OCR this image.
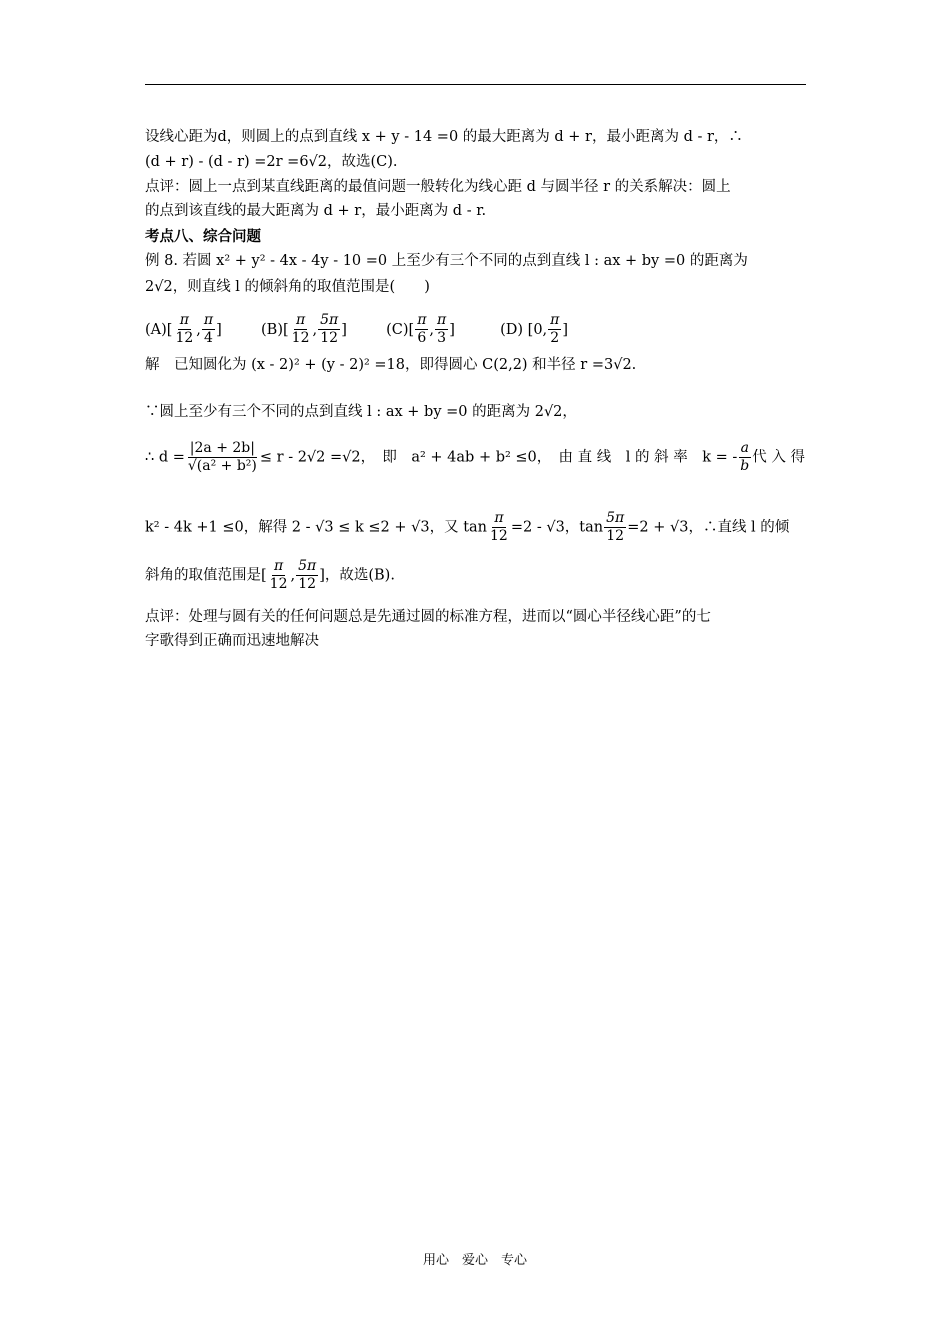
设线心距为d，则圆上的点到直线 x + y - 14 =0 的最大距离为 d + r，最小距离为 d - r，∴
(d + r) - (d - r) =2r =6√2，故选(C).
点评：圆上一点到某直线距离的最值问题一般转化为线心距 d 与圆半径 r 的关系解决：圆上
的点到该直线的最大距离为 d + r，最小距离为 d - r.
考点八、综合问题
例 8. 若圆 x² + y² - 4x - 4y - 10 =0 上至少有三个不同的点到直线 l : ax + by =0 的距离为
2√2，则直线 l 的倾斜角的取值范围是(　　)
$(A)[ \frac{\pi}{12}$ , $\frac{\pi}{4}$ ]	$(B)[ \frac{\pi}{12}$ , $\frac{5\pi}{12}$ ]	$(C)[ \frac{\pi}{6}$ , $\frac{\pi}{3}$ ]	(D) [0, $\frac{\pi}{2}$ ]
解　已知圆化为 (x - 2)² + (y - 2)² =18，即得圆心 C(2,2) 和半径 r =3√2.
∵圆上至少有三个不同的点到直线 l : ax + by =0 的距离为 2√2，
∴ $d = \frac{|2a + 2b|}{\text{√(a² + b²)}} \le r - 2√2 =√2$，　即　a² + 4ab + b² ≤0，　由 直 线　l 的 斜 率　k = - $\frac{a}{b}$ 代 入 得
k² - 4k +1 ≤0，解得 2 - √3 ≤ k ≤2 + √3，又 $\tan \frac{\pi}{12} =2 - √3$，$\tan \frac{5\pi}{12} =2 + √3$，∴直线 l 的倾
斜角的取值范围是[ $\frac{\pi}{12}$ , $\frac{5\pi}{12}$ ]，故选(B).
点评：处理与圆有关的任何问题总是先通过圆的标准方程，进而以“圆心半径线心距”的七
字歌得到正确而迅速地解决
用心　爱心　专心
